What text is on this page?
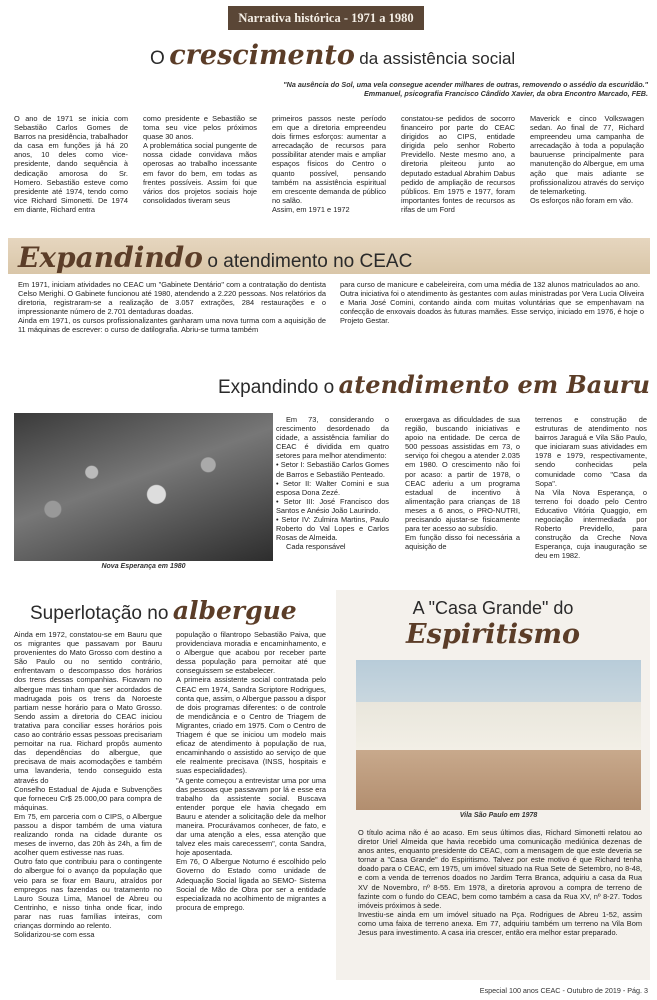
Narrativa histórica - 1971 a 1980
O crescimento da assistência social
"Na ausência do Sol, uma vela consegue acender milhares de outras, removendo o assédio da escuridão."
Emmanuel, psicografia Francisco Cândido Xavier, da obra Encontro Marcado, FEB.
O ano de 1971 se inicia com Sebastião Carlos Gomes de Barros na presidência, trabalhador da casa em funções já há 20 anos, 10 deles como vice-presidente, dando sequência à dedicação amorosa do Sr. Homero. Sebastião esteve como presidente até 1974, tendo como vice Richard Simonetti. De 1974 em diante, Richard entra
como presidente e Sebastião se toma seu vice pelos próximos quase 30 anos.
A problemática social pungente de nossa cidade convidava mãos operosas ao trabalho incessante em favor do bem, em todas as frentes possíveis. Assim foi que vários dos projetos sociais hoje consolidados tiveram seus
primeiros passos neste período em que a diretoria empreendeu dois firmes esforços: aumentar a arrecadação de recursos para possibilitar atender mais e ampliar espaços físicos do Centro o quanto possível, pensando também na assistência espiritual em crescente demanda de público no salão.
Assim, em 1971 e 1972
constatou-se pedidos de socorro financeiro por parte do CEAC dirigidos ao CIPS, entidade dirigida pelo senhor Roberto Previdello. Neste mesmo ano, a diretoria pleiteou junto ao deputado estadual Abrahim Dabus pedido de ampliação de recursos públicos. Em 1975 e 1977, foram importantes fontes de recursos as rifas de um Ford
Maverick e cinco Volkswagen sedan. Ao final de 77, Richard empreendeu uma campanha de arrecadação à toda a população bauruense principalmente para manutenção do Albergue, em uma ação que mais adiante se profissionalizou através do serviço de telemarketing.
Os esforços não foram em vão.
Expandindo o atendimento no CEAC
Em 1971, iniciam atividades no CEAC um "Gabinete Dentário" com a contratação do dentista Celso Merighi. O Gabinete funcionou até 1980, atendendo a 2.220 pessoas. Nos relatórios da diretoria, registraram-se a realização de 3.057 extrações, 284 restaurações e o impressionante número de 2.701 dentaduras doadas.
Ainda em 1971, os cursos profissionalizantes ganharam uma nova turma com a aquisição de 11 máquinas de escrever: o curso de datilografia. Abriu-se turma também
para curso de manicure e cabeleireira, com uma média de 132 alunos matriculados ao ano.
Outra iniciativa foi o atendimento às gestantes com aulas ministradas por Vera Lucia Oliveira e Maria José Comini, contando ainda com muitas voluntárias que se empenhavam na confecção de enxovais doados às futuras mamães. Esse serviço, iniciado em 1976, é hoje o Projeto Gestar.
Expandindo o atendimento em Bauru
Nova Esperança em 1980

Em 73, considerando o crescimento desordenado da cidade, a assistência familiar do CEAC é dividida em quatro setores para melhor atendimento:

• Setor I: Sebastião Carlos Gomes de Barros e Sebastião Penteado.
• Setor II: Walter Comini e sua esposa Dona Zezé.
• Setor III: José Francisco dos Santos e Anésio João Laurindo.
• Setor IV: Zulmira Martins, Paulo Roberto do Val Lopes e Carlos Rosas de Almeida.

Cada responsável

enxergava as dificuldades de sua região, buscando iniciativas e apoio na entidade. De cerca de 500 pessoas assistidas em 73, o serviço foi chegou a atender 2.035 em 1980. O crescimento não foi por acaso: a partir de 1978, o CEAC aderiu a um programa estadual de incentivo à alimentação para crianças de 18 meses a 6 anos, o PRO-NUTRI, precisando ajustar-se fisicamente para ter acesso ao subsídio.
Em função disso foi necessária a aquisição de
terrenos e construção de estruturas de atendimento nos bairros Jaraguá e Vila São Paulo, que iniciaram suas atividades em 1978 e 1979, respectivamente, sendo conhecidas pela comunidade como "Casa da Sopa".
Na Vila Nova Esperança, o terreno foi doado pelo Centro Educativo Vitória Quaggio, em negociação intermediada por Roberto Previdello, para construção da Creche Nova Esperança, cuja inauguração se deu em 1982.
Superlotação no albergue
Ainda em 1972, constatou-se em Bauru que os migrantes que passavam por Bauru provenientes do Mato Grosso com destino a São Paulo ou no sentido contrário, enfrentavam o descompasso dos horários dos trens dessas companhias. Ficavam no albergue mas tinham que ser acordados de madrugada pois os trens da Noroeste partiam nesse horário para o Mato Grosso. Sendo assim a diretoria do CEAC iniciou tratativa para conciliar esses horários pois caso ao contrário essas pessoas precisariam pernoitar na rua. Richard propôs aumento das dependências do albergue, que precisava de mais acomodações e também uma lavanderia, tendo conseguido esta através do
Conselho Estadual de Ajuda e Subvenções que forneceu Cr$ 25.000,00 para compra de máquinas.
Em 75, em parceria com o CIPS, o Albergue passou a dispor também de uma viatura realizando ronda na cidade durante os meses de inverno, das 20h às 24h, a fim de acolher quem estivesse nas ruas.
Outro fato que contribuiu para o contingente do albergue foi o avanço da população que veio para se fixar em Bauru, atraídos por empregos nas fazendas ou tratamento no Lauro Souza Lima, Manoel de Abreu ou Centrinho, e nisso tinha onde ficar, indo parar nas ruas famílias inteiras, com crianças dormindo ao relento.
Solidarizou-se com essa
população o filantropo Sebastião Paiva, que providenciava moradia e encaminhamento, e o Albergue que acabou por receber parte dessa população para pernoitar até que conseguissem se estabelecer.
A primeira assistente social contratada pelo CEAC em 1974, Sandra Scriptore Rodrigues, conta que, assim, o Albergue passou a dispor de dois programas diferentes: o de controle de mendicância e o Centro de Triagem de Migrantes, criado em 1975. Com o Centro de Triagem é que se iniciou um modelo mais eficaz de atendimento à população de rua, encaminhando o assistido ao serviço de que ele realmente precisava (INSS, hospitais e suas especialidades).
"A gente começou a entrevistar uma por uma das pessoas que passavam por lá e esse era trabalho da assistente social. Buscava entender porque ele havia chegado em Bauru e atender a solicitação dele da melhor maneira. Procurávamos conhecer, de fato, e dar uma atenção a eles, essa atenção que talvez eles mais carecessem", conta Sandra, hoje aposentada.
Em 76, O Albergue Noturno é escolhido pelo Governo do Estado como unidade de Adequação Social ligada ao SEMO- Sistema Social de Mão de Obra por ser a entidade especializada no acolhimento de migrantes a procura de emprego.
A "Casa Grande" do
Espiritismo
Vila São Paulo em 1978
O título acima não é ao acaso. Em seus últimos dias, Richard Simonetti relatou ao diretor Uriel Almeida que havia recebido uma comunicação mediúnica dezenas de anos antes, enquanto presidente do CEAC, com a mensagem de que este deveria se tornar a "Casa Grande" do Espiritismo. Talvez por este motivo é que Richard tenha doado para o CEAC, em 1975, um imóvel situado na Rua Sete de Setembro, no 8-48, e com a venda de terrenos doados no Jardim Terra Branca, adquiriu a casa da Rua XV de Novembro, nº 8-55. Em 1978, a diretoria aprovou a compra de terreno de fazinte com o fundo do CEAC, bem como também a casa da Rua XV, nº 8-27. Todos imóveis próximos à sede.
Investiu-se ainda em um imóvel situado na Pça. Rodrigues de Abreu 1-52, assim como uma faixa de terreno anexa. Em 77, adquiriu também um terreno na Vila Bom Jesus para investimento. A casa iria crescer, então era melhor estar preparado.
Especial 100 anos CEAC - Outubro de 2019 - Pág. 3
